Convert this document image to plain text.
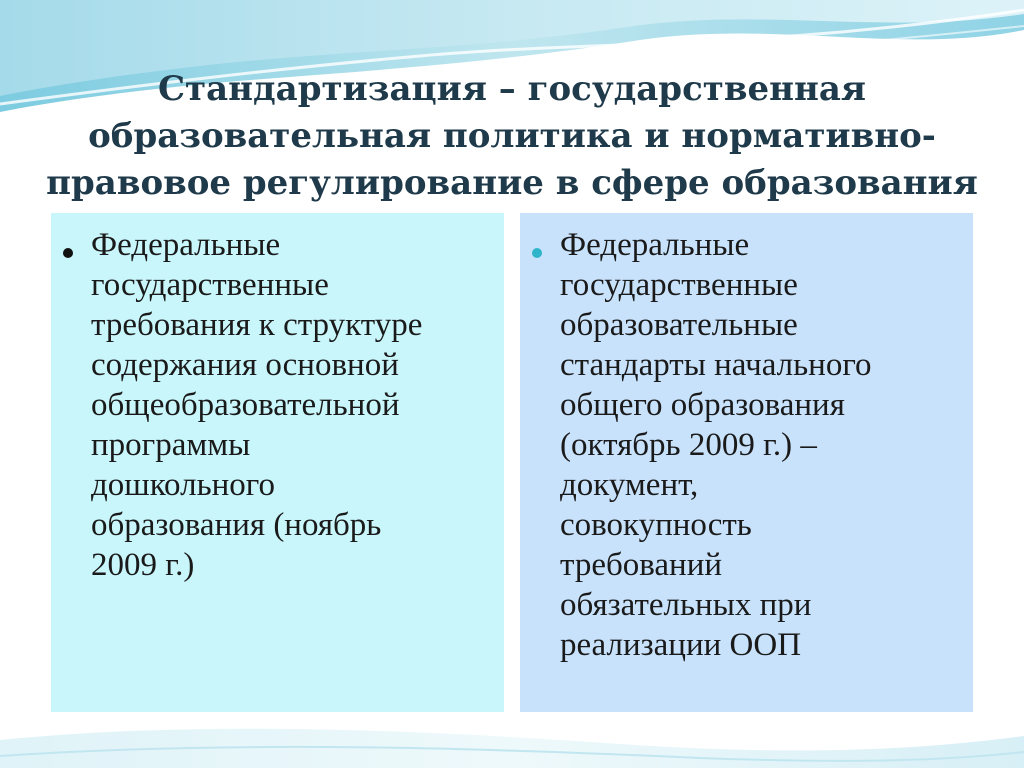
Стандартизация – государственная
образовательная политика и нормативно-
правовое регулирование в сфере образования
Федеральные
государственные
требования к структуре
содержания основной
общеобразовательной
программы
дошкольного
образования (ноябрь
2009 г.)
Федеральные
государственные
образовательные
стандарты начального
общего образования
(октябрь 2009 г.) –
документ,
совокупность
требований
обязательных при
реализации ООП
